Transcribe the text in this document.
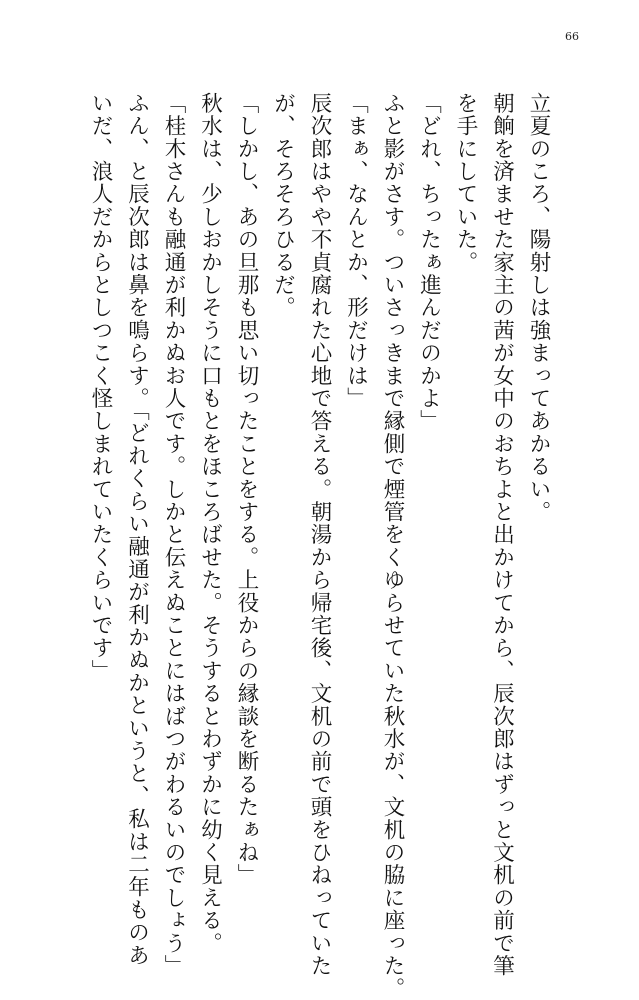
66
立夏のころ、陽射しは強まってあかるい。
朝餉を済ませた家主の茜が女中のおちよと出かけてから、辰次郎はずっと文机の前で筆
を手にしていた。
「どれ、ちったぁ進んだのかよ」
ふと影がさす。ついさっきまで縁側で煙管をくゆらせていた秋水が、文机の脇に座った。
「まぁ、なんとか、形だけは」
辰次郎はやや不貞腐れた心地で答える。朝湯から帰宅後、文机の前で頭をひねっていた
が、そろそろひるだ。
「しかし、あの旦那も思い切ったことをする。上役からの縁談を断るたぁね」
秋水は、少しおかしそうに口もとをほころばせた。そうするとわずかに幼く見える。
「桂木さんも融通が利かぬお人です。しかと伝えぬことにはばつがわるいのでしょう」
ふん、と辰次郎は鼻を鳴らす。「どれくらい融通が利かぬかというと、私は二年ものあ
いだ、浪人だからとしつこく怪しまれていたくらいです」
